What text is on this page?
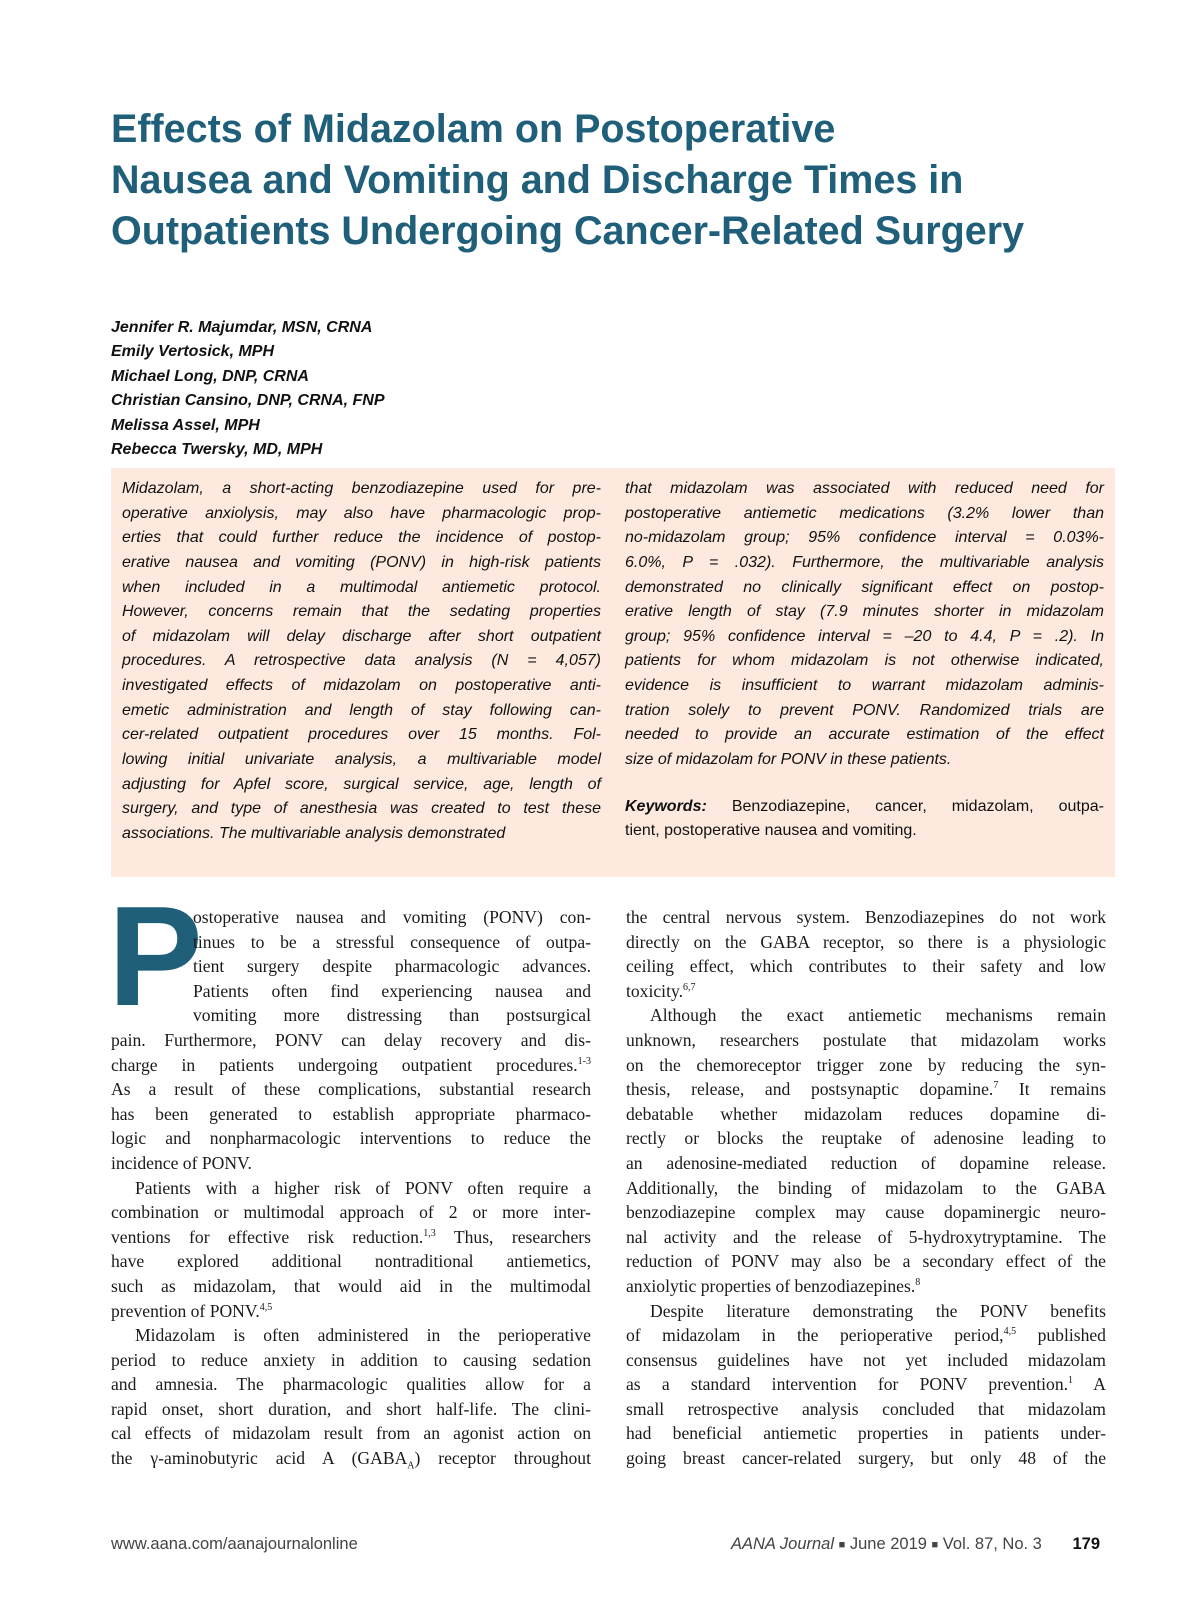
Effects of Midazolam on Postoperative
Nausea and Vomiting and Discharge Times in
Outpatients Undergoing Cancer-Related Surgery
Jennifer R. Majumdar, MSN, CRNA
Emily Vertosick, MPH
Michael Long, DNP, CRNA
Christian Cansino, DNP, CRNA, FNP
Melissa Assel, MPH
Rebecca Twersky, MD, MPH
Midazolam, a short-acting benzodiazepine used for pre-
operative anxiolysis, may also have pharmacologic prop-
erties that could further reduce the incidence of postop-
erative nausea and vomiting (PONV) in high-risk patients
when included in a multimodal antiemetic protocol.
However, concerns remain that the sedating properties
of midazolam will delay discharge after short outpatient
procedures. A retrospective data analysis (N = 4,057)
investigated effects of midazolam on postoperative anti-
emetic administration and length of stay following can-
cer-related outpatient procedures over 15 months. Fol-
lowing initial univariate analysis, a multivariable model
adjusting for Apfel score, surgical service, age, length of
surgery, and type of anesthesia was created to test these
associations. The multivariable analysis demonstrated
that midazolam was associated with reduced need for
postoperative antiemetic medications (3.2% lower than
no-midazolam group; 95% confidence interval = 0.03%-
6.0%, P = .032). Furthermore, the multivariable analysis
demonstrated no clinically significant effect on postop-
erative length of stay (7.9 minutes shorter in midazolam
group; 95% confidence interval = –20 to 4.4, P = .2). In
patients for whom midazolam is not otherwise indicated,
evidence is insufficient to warrant midazolam adminis-
tration solely to prevent PONV. Randomized trials are
needed to provide an accurate estimation of the effect
size of midazolam for PONV in these patients.
Keywords: Benzodiazepine, cancer, midazolam, outpa-
tient, postoperative nausea and vomiting.
P
ostoperative nausea and vomiting (PONV) con-
tinues to be a stressful consequence of outpa-
tient surgery despite pharmacologic advances.
Patients often find experiencing nausea and
vomiting more distressing than postsurgical
pain. Furthermore, PONV can delay recovery and dis-
charge in patients undergoing outpatient procedures.$^{1-3}$
As a result of these complications, substantial research
has been generated to establish appropriate pharmaco-
logic and nonpharmacologic interventions to reduce the
incidence of PONV.
Patients with a higher risk of PONV often require a
combination or multimodal approach of 2 or more inter-
ventions for effective risk reduction.$^{1,3}$ Thus, researchers
have explored additional nontraditional antiemetics,
such as midazolam, that would aid in the multimodal
prevention of PONV.$^{4,5}$
Midazolam is often administered in the perioperative
period to reduce anxiety in addition to causing sedation
and amnesia. The pharmacologic qualities allow for a
rapid onset, short duration, and short half-life. The clini-
cal effects of midazolam result from an agonist action on
the γ-aminobutyric acid A $(GABA_A)$ receptor throughout
the central nervous system. Benzodiazepines do not work
directly on the GABA receptor, so there is a physiologic
ceiling effect, which contributes to their safety and low
toxicity.$^{6,7}$
Although the exact antiemetic mechanisms remain
unknown, researchers postulate that midazolam works
on the chemoreceptor trigger zone by reducing the syn-
thesis, release, and postsynaptic dopamine.$^7$ It remains
debatable whether midazolam reduces dopamine di-
rectly or blocks the reuptake of adenosine leading to
an adenosine-mediated reduction of dopamine release.
Additionally, the binding of midazolam to the GABA
benzodiazepine complex may cause dopaminergic neuro-
nal activity and the release of 5-hydroxytryptamine. The
reduction of PONV may also be a secondary effect of the
anxiolytic properties of benzodiazepines.$^8$
Despite literature demonstrating the PONV benefits
of midazolam in the perioperative period,$^{4,5}$ published
consensus guidelines have not yet included midazolam
as a standard intervention for PONV prevention.$^1$ A
small retrospective analysis concluded that midazolam
had beneficial antiemetic properties in patients under-
going breast cancer-related surgery, but only 48 of the
www.aana.com/aanajournalonline	AANA Journal ■ June 2019 ■ Vol. 87, No. 3 179
